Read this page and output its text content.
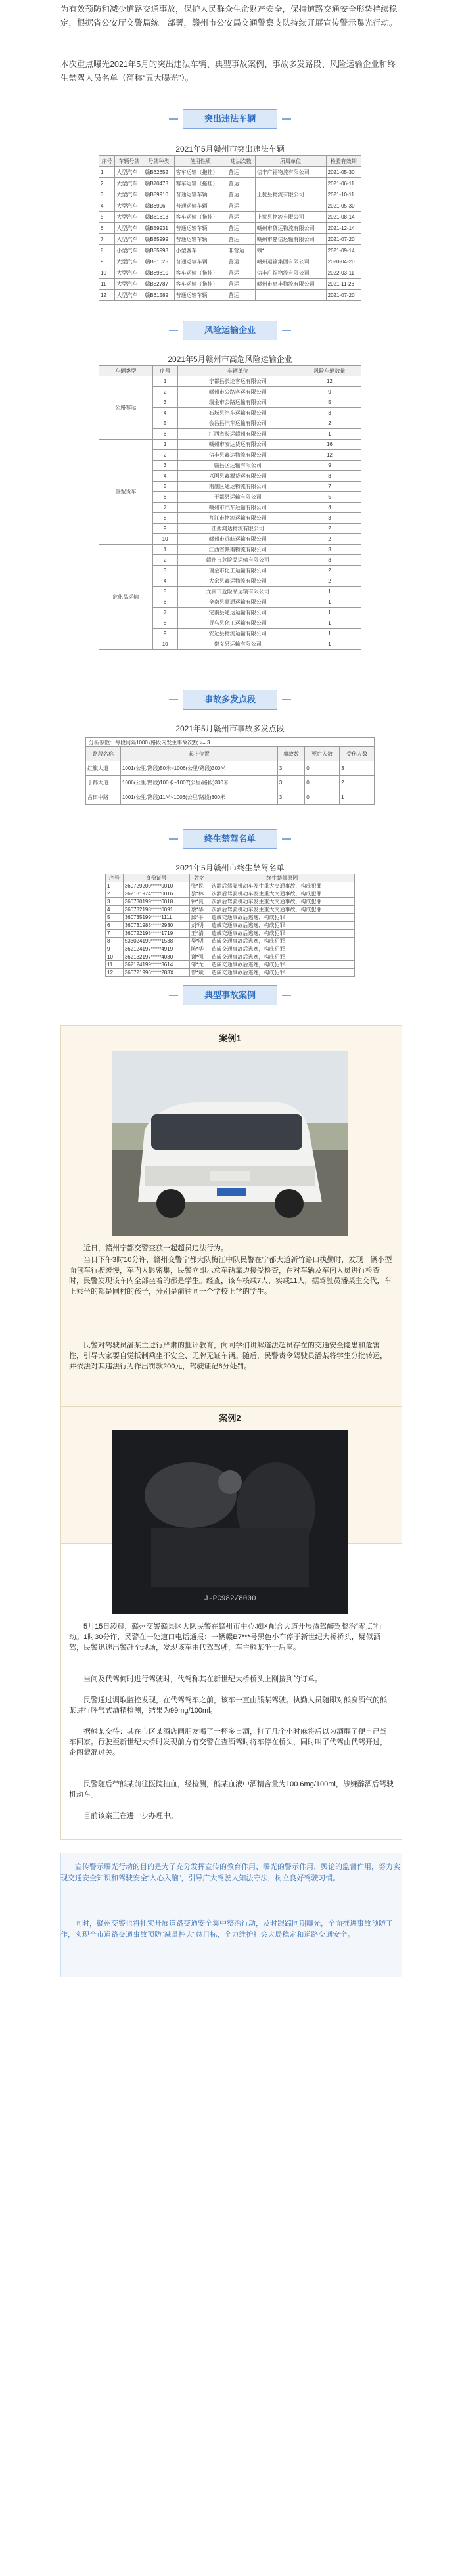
为有效预防和减少道路交通事故，保护人民群众生命财产安全，保持道路交通安全形势持续稳定，根据省公安厅交警局统一部署，赣州市公安局交通警察支队持续开展宣传警示曝光行动。
本次重点曝光2021年5月的突出违法车辆、典型事故案例、事故多发路段、风险运输企业和终生禁驾人员名单（简称“五大曝光”）。
突出违法车辆
2021年5月赣州市突出违法车辆
序号	车辆号牌	号牌种类	使用性质	违法次数	所属单位	检验有效期
1	大型汽车	赣B62652	客车运输（拖挂）	营运	信丰广福物流有限公司	2021-05-30
2	大型汽车	赣B70473	客车运输（拖挂）	营运		2021-06-11
3	大型汽车	赣B89910	普通运输车辆	营运	上犹县物流有限公司	2021-10-11
4	大型汽车	赣B6996	普通运输车辆	营运		2021-05-30
5	大型汽车	赣B61613	客车运输（拖挂）	营运	上犹县物流有限公司	2021-08-14
6	大型汽车	赣B59931	普通运输车辆	营运	赣州市货运物流有限公司	2021-12-14
7	大型汽车	赣B85999	普通运输车辆	营运	赣州市嘉信运输有限公司	2021-07-20
8	小型汽车	赣B55993	小型客车	非营运	赖*	2021-09-14
9	大型汽车	赣B81025	普通运输车辆	营运	赣州运输集团有限公司	2020-04-20
10	大型汽车	赣B89810	客车运输（拖挂）	营运	信丰广福物流有限公司	2022-03-11
11	大型汽车	赣B82787	客车运输（拖挂）	营运	赣州市惠丰物流有限公司	2021-11-26
12	大型汽车	赣B61589	普通运输车辆	营运		2021-07-20
风险运输企业
2021年5月赣州市高危风险运输企业
车辆类型	序号	车辆单位	风险车辆数量
公路客运	1	宁都县长途客运有限公司	12
	2	赣州市公路客运有限公司	9
	3	瑞金市公路运输有限公司	5
	4	石城县汽车运输有限公司	3
	5	会昌县汽车运输有限公司	2
	6	江西省长运赣州有限公司	1
重型货车	1	赣州市安达货运有限公司	16
	2	信丰县鑫达物流有限公司	12
	3	赣县区运输有限公司	9
	4	兴国县鑫源货运有限公司	8
	5	南康区通达物流有限公司	7
	6	于都县运输有限公司	5
	7	赣州市汽车运输有限公司	4
	8	九江市物流运输有限公司	3
	9	江西鸿达物流有限公司	2
	10	赣州市远航运输有限公司	2
危化品运输	1	江西省赣南物流有限公司	3
	2	赣州市危险品运输有限公司	3
	3	瑞金市化工运输有限公司	2
	4	大余县鑫运物流有限公司	2
	5	龙南市危险品运输有限公司	1
	6	全南县顺通运输有限公司	1
	7	定南县通达运输有限公司	1
	8	寻乌县化工运输有限公司	1
	9	安远县物流运输有限公司	1
	10	崇义县运输有限公司	1
事故多发点段
2021年5月赣州市事故多发点段
分析参数：每段间隔1000 /路段内发生事故次数 >= 3
路段名称	起止位置	事故数	死亡人数	受伤人数
红旗大道	1001(公里/路段)50米~1006(公里/路段)300米	3	0	3
于都大道	1006(公里/路段)100米~1007(公里/路段)300米	3	0	2
古田中路	1001(公里/路段)11米~1006(公里/路段)300米	3	0	1
终生禁驾名单
2021年5月赣州市终生禁驾名单
序号	身份证号	姓名	终生禁驾原因
1	360729200*****0010	张*民	饮酒后驾驶机动车发生重大交通事故，构成犯罪
2	362131974*****0016	黎*林	饮酒后驾驶机动车发生重大交通事故，构成犯罪
3	360730199*****0018	钟*良	饮酒后驾驶机动车发生重大交通事故，构成犯罪
4	360732198*****0091	蔡*华	饮酒后驾驶机动车发生重大交通事故，构成犯罪
5	360735199*****1111	邱*平	造成交通事故后逃逸，构成犯罪
6	360731983*****2930	刘*明	造成交通事故后逃逸，构成犯罪
7	360722198*****1719	王*清	造成交通事故后逃逸，构成犯罪
8	533024199*****1538	吴*明	造成交通事故后逃逸，构成犯罪
9	362124197*****4919	陈*华	造成交通事故后逃逸，构成犯罪
10	362132197*****4030	谢*强	造成交通事故后逃逸，构成犯罪
11	362124199*****3614	邹*龙	造成交通事故后逃逸，构成犯罪
12	360721996*****283X	曾*斌	造成交通事故后逃逸，构成犯罪
典型事故案例
案例1
近日，赣州宁都交警查获一起超员违法行为。
当日下午3时10分许，赣州交警宁都大队梅江中队民警在宁都大道新竹路口执勤时，发现一辆小型面包车行驶缓慢，车内人影密集，民警立即示意车辆靠边接受检查，在对车辆及车内人员进行检查时，民警发现该车内全部坐着的都是学生。经查，该车核载7人，实载11人，据驾驶员潘某主交代，车上乘坐的都是同村的孩子，分别是前往同一个学校上学的学生。
民警对驾驶员潘某主进行严肃的批评教育，向同学们讲解道法超员存在的交通安全隐患和危害性，引导大家要自觉抵制乘坐不安全、无牌无证车辆。随后，民警责令驾驶员潘某将学生分批转运，并依法对其违法行为作出罚款200元，驾驶证记6分处罚。
案例2
J-PC982/8000
5月15日凌晨，赣州交警赣县区大队民警在赣州市中心城区配合大道开展酒驾醉驾整治“零点”行动。1时30分许，民警在一处道口电话通报：一辆赣B7***号黑色小车停于新世纪大桥桥头，疑似酒驾，民警迅速出警赶至现场，发现该车由代驾驾驶，车主熊某坐于后座。
当问及代驾何时进行驾驶时，代驾称其在新世纪大桥桥头上刚接到的订单。
民警通过调取监控发现，在代驾驾车之前，该车一直由熊某驾驶。执勤人员随即对熊身酒气的熊某进行呼气式酒精检测，结果为99mg/100ml。
据熊某交待：其在市区某酒店同朋友喝了一杯多日酒，打了几个小时麻将后以为酒醒了便自己驾车回家。行驶至新世纪大桥时发现前方有交警在查酒驾时将车停在桥头，同时叫了代驾由代驾开过，企图蒙混过关。
民警随后带熊某前往医院抽血，经检测，熊某血液中酒精含量为100.6mg/100ml，涉嫌醉酒后驾驶机动车。
目前该案正在进一步办理中。
宣传警示曝光行动的目的是为了充分发挥宣传的教育作用、曝光的警示作用、舆论的监督作用，努力实现交通安全知识和驾驶安全“入心入脑”，引导广大驾驶人知法守法，树立良好驾驶习惯。
同时，赣州交警也将扎实开展道路交通安全集中整治行动，及时跟踪同期曝光，全面推进事故预防工作，实现全市道路交通事故预防“减量控大”总目标，全力维护社会大局稳定和道路交通安全。
